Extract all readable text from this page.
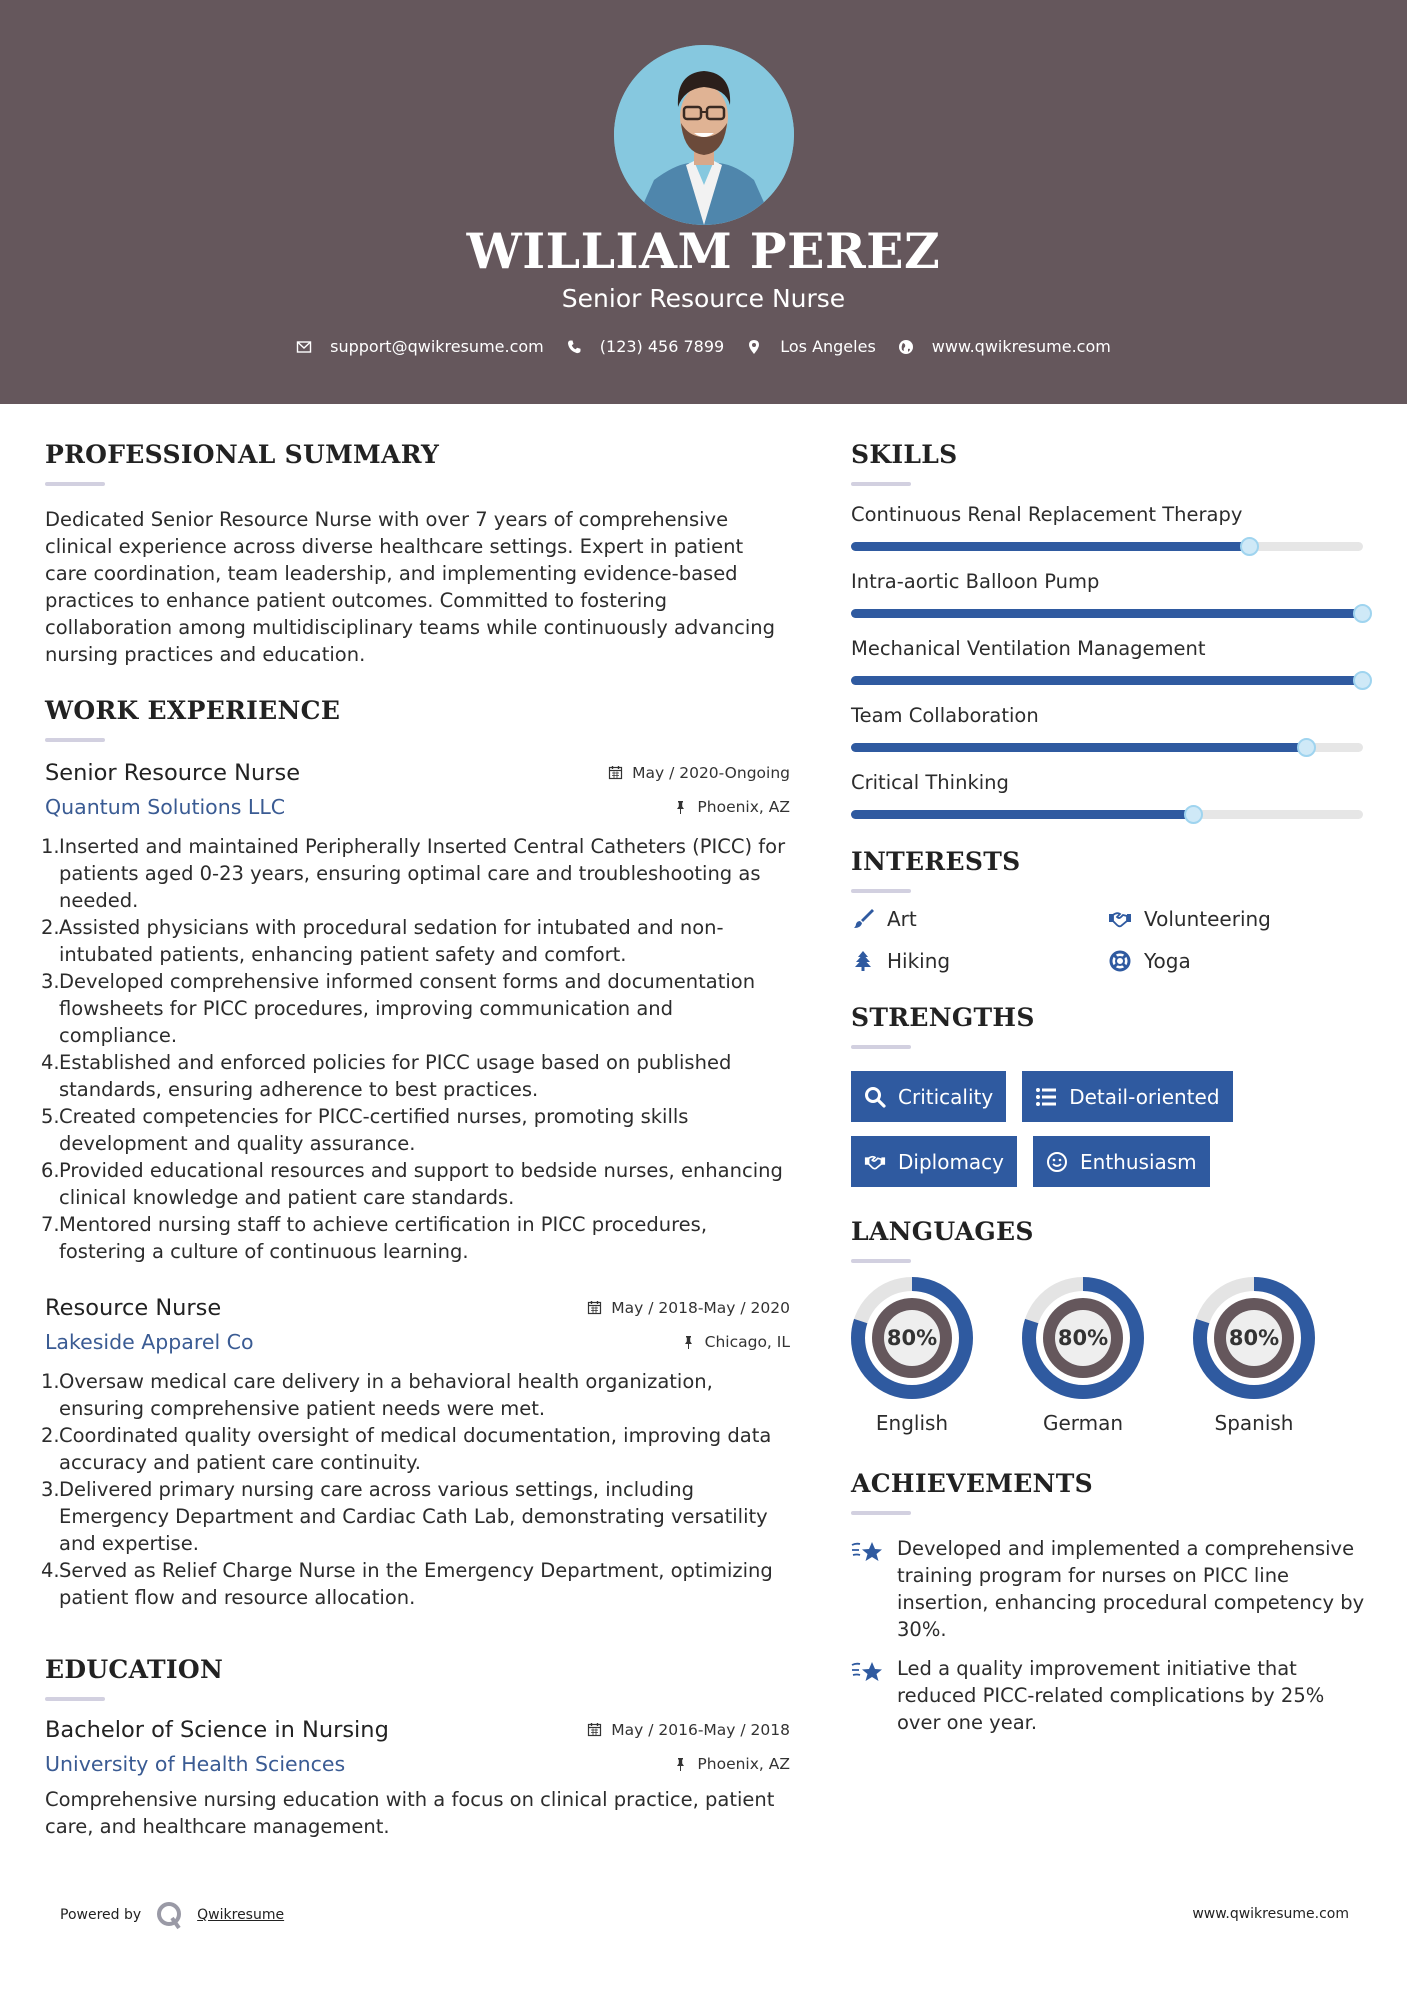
WILLIAM PEREZ
Senior Resource Nurse
support@qwikresume.com	(123) 456 7899	Los Angeles	www.qwikresume.com
PROFESSIONAL SUMMARY
Dedicated Senior Resource Nurse with over 7 years of comprehensive clinical experience across diverse healthcare settings. Expert in patient care coordination, team leadership, and implementing evidence-based practices to enhance patient outcomes. Committed to fostering collaboration among multidisciplinary teams while continuously advancing nursing practices and education.
WORK EXPERIENCE
Senior Resource Nurse	May / 2020-Ongoing
Quantum Solutions LLC	Phoenix, AZ
1. Inserted and maintained Peripherally Inserted Central Catheters (PICC) for patients aged 0-23 years, ensuring optimal care and troubleshooting as needed.
2. Assisted physicians with procedural sedation for intubated and non-intubated patients, enhancing patient safety and comfort.
3. Developed comprehensive informed consent forms and documentation flowsheets for PICC procedures, improving communication and compliance.
4. Established and enforced policies for PICC usage based on published standards, ensuring adherence to best practices.
5. Created competencies for PICC-certified nurses, promoting skills development and quality assurance.
6. Provided educational resources and support to bedside nurses, enhancing clinical knowledge and patient care standards.
7. Mentored nursing staff to achieve certification in PICC procedures, fostering a culture of continuous learning.
Resource Nurse	May / 2018-May / 2020
Lakeside Apparel Co	Chicago, IL
1. Oversaw medical care delivery in a behavioral health organization, ensuring comprehensive patient needs were met.
2. Coordinated quality oversight of medical documentation, improving data accuracy and patient care continuity.
3. Delivered primary nursing care across various settings, including Emergency Department and Cardiac Cath Lab, demonstrating versatility and expertise.
4. Served as Relief Charge Nurse in the Emergency Department, optimizing patient flow and resource allocation.
EDUCATION
Bachelor of Science in Nursing	May / 2016-May / 2018
University of Health Sciences	Phoenix, AZ
Comprehensive nursing education with a focus on clinical practice, patient care, and healthcare management.
SKILLS
Continuous Renal Replacement Therapy
Intra-aortic Balloon Pump
Mechanical Ventilation Management
Team Collaboration
Critical Thinking
INTERESTS
Art	Volunteering
Hiking	Yoga
STRENGTHS
Criticality	Detail-oriented
Diplomacy	Enthusiasm
LANGUAGES
80%
English
80%
German
80%
Spanish
ACHIEVEMENTS
Developed and implemented a comprehensive training program for nurses on PICC line insertion, enhancing procedural competency by 30%.
Led a quality improvement initiative that reduced PICC-related complications by 25% over one year.
Powered by	Qwikresume	www.qwikresume.com
